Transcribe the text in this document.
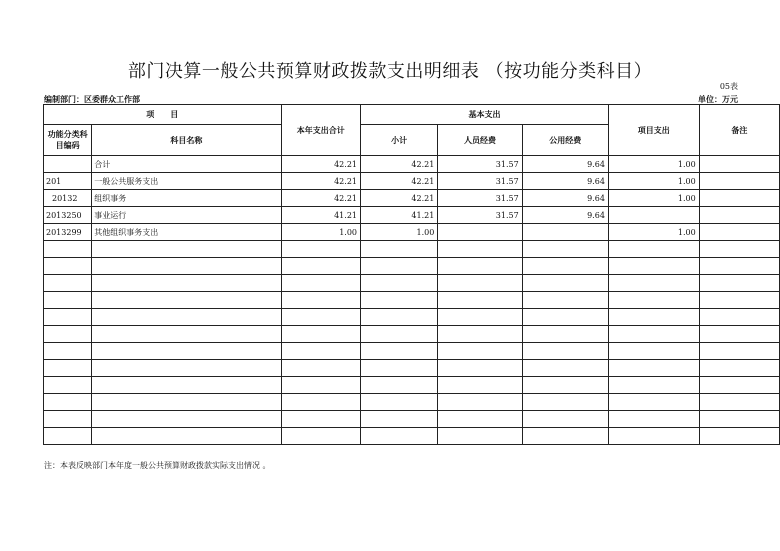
部门决算一般公共预算财政拨款支出明细表 （按功能分类科目）
05表
编制部门：区委群众工作部	单位：万元
项　　目		本年支出合计	基本支出			项目支出	备注
功能分类科目编码	科目名称		小计	人员经费	公用经费		
	合计	42.21	42.21	31.57	9.64	1.00	
201	一般公共服务支出	42.21	42.21	31.57	9.64	1.00	
20132	组织事务	42.21	42.21	31.57	9.64	1.00	
2013250	事业运行	41.21	41.21	31.57	9.64		
2013299	其他组织事务支出	1.00	1.00			1.00	

注：本表反映部门本年度一般公共预算财政拨款实际支出情况 。
